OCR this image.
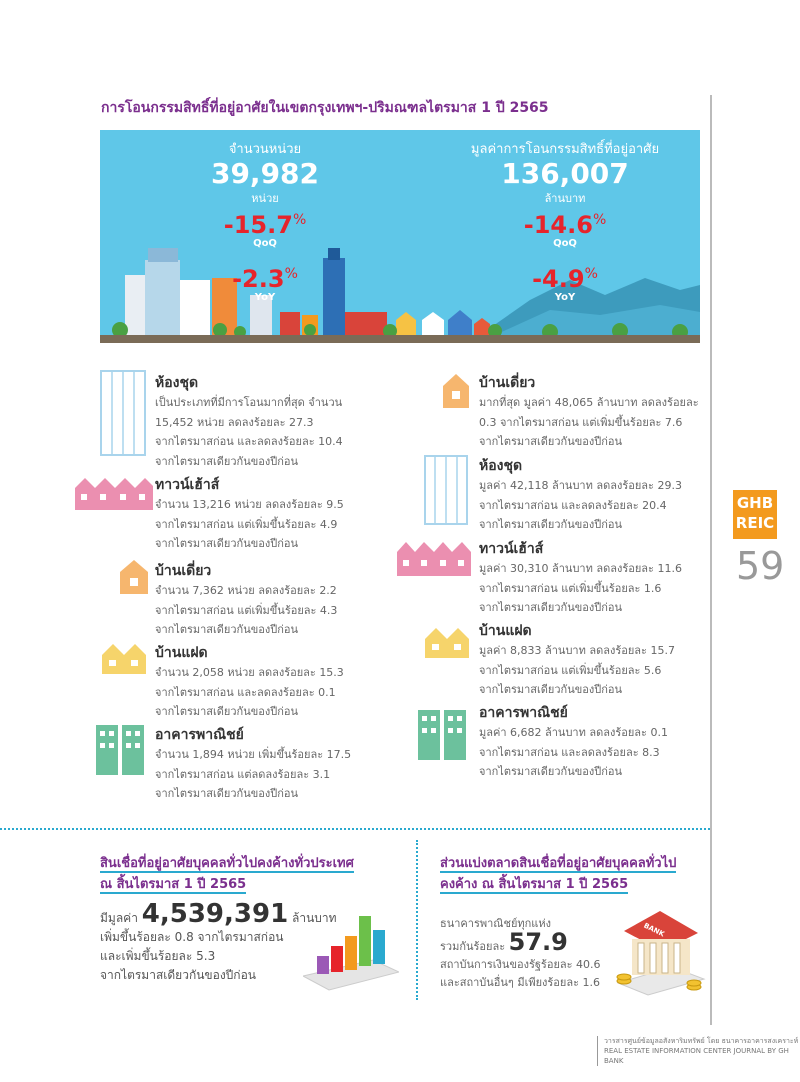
การโอนกรรมสิทธิ์ที่อยู่อาศัยในเขตกรุงเทพฯ-ปริมณฑลไตรมาส 1 ปี 2565
จำนวนหน่วย
39,982
หน่วย
-15.7%
QoQ
-2.3%
YoY
มูลค่าการโอนกรรมสิทธิ์ที่อยู่อาศัย
136,007
ล้านบาท
-14.6%
QoQ
-4.9%
YoY
ห้องชุด
เป็นประเภทที่มีการโอนมากที่สุด จำนวน
15,452 หน่วย ลดลงร้อยละ 27.3
จากไตรมาสก่อน และลดลงร้อยละ 10.4
จากไตรมาสเดียวกันของปีก่อน
ทาวน์เฮ้าส์
จำนวน 13,216 หน่วย ลดลงร้อยละ 9.5
จากไตรมาสก่อน แต่เพิ่มขึ้นร้อยละ 4.9
จากไตรมาสเดียวกันของปีก่อน
บ้านเดี่ยว
จำนวน 7,362 หน่วย ลดลงร้อยละ 2.2
จากไตรมาสก่อน แต่เพิ่มขึ้นร้อยละ 4.3
จากไตรมาสเดียวกันของปีก่อน
บ้านแฝด
จำนวน 2,058 หน่วย ลดลงร้อยละ 15.3
จากไตรมาสก่อน และลดลงร้อยละ 0.1
จากไตรมาสเดียวกันของปีก่อน
อาคารพาณิชย์
จำนวน 1,894 หน่วย เพิ่มขึ้นร้อยละ 17.5
จากไตรมาสก่อน แต่ลดลงร้อยละ 3.1
จากไตรมาสเดียวกันของปีก่อน
บ้านเดี่ยว
มากที่สุด มูลค่า 48,065 ล้านบาท ลดลงร้อยละ
0.3 จากไตรมาสก่อน แต่เพิ่มขึ้นร้อยละ 7.6
จากไตรมาสเดียวกันของปีก่อน
ห้องชุด
มูลค่า 42,118 ล้านบาท ลดลงร้อยละ 29.3
จากไตรมาสก่อน และลดลงร้อยละ 20.4
จากไตรมาสเดียวกันของปีก่อน
ทาวน์เฮ้าส์
มูลค่า 30,310 ล้านบาท ลดลงร้อยละ 11.6
จากไตรมาสก่อน แต่เพิ่มขึ้นร้อยละ 1.6
จากไตรมาสเดียวกันของปีก่อน
บ้านแฝด
มูลค่า 8,833 ล้านบาท ลดลงร้อยละ 15.7
จากไตรมาสก่อน แต่เพิ่มขึ้นร้อยละ 5.6
จากไตรมาสเดียวกันของปีก่อน
อาคารพาณิชย์
มูลค่า 6,682 ล้านบาท ลดลงร้อยละ 0.1
จากไตรมาสก่อน และลดลงร้อยละ 8.3
จากไตรมาสเดียวกันของปีก่อน
สินเชื่อที่อยู่อาศัยบุคคลทั่วไปคงค้างทั่วประเทศ
ณ สิ้นไตรมาส 1 ปี 2565
มีมูลค่า 4,539,391 ล้านบาท
เพิ่มขึ้นร้อยละ 0.8 จากไตรมาสก่อน
และเพิ่มขึ้นร้อยละ 5.3
จากไตรมาสเดียวกันของปีก่อน
ส่วนแบ่งตลาดสินเชื่อที่อยู่อาศัยบุคคลทั่วไป
คงค้าง ณ สิ้นไตรมาส 1 ปี 2565
ธนาคารพาณิชย์ทุกแห่ง
รวมกันร้อยละ 57.9
สถาบันการเงินของรัฐร้อยละ 40.6
และสถาบันอื่นๆ มีเพียงร้อยละ 1.6
BANK
GHB
REIC
59
วารสารศูนย์ข้อมูลอสังหาริมทรัพย์ โดย ธนาคารอาคารสงเคราะห์
REAL ESTATE INFORMATION CENTER JOURNAL BY GH BANK
